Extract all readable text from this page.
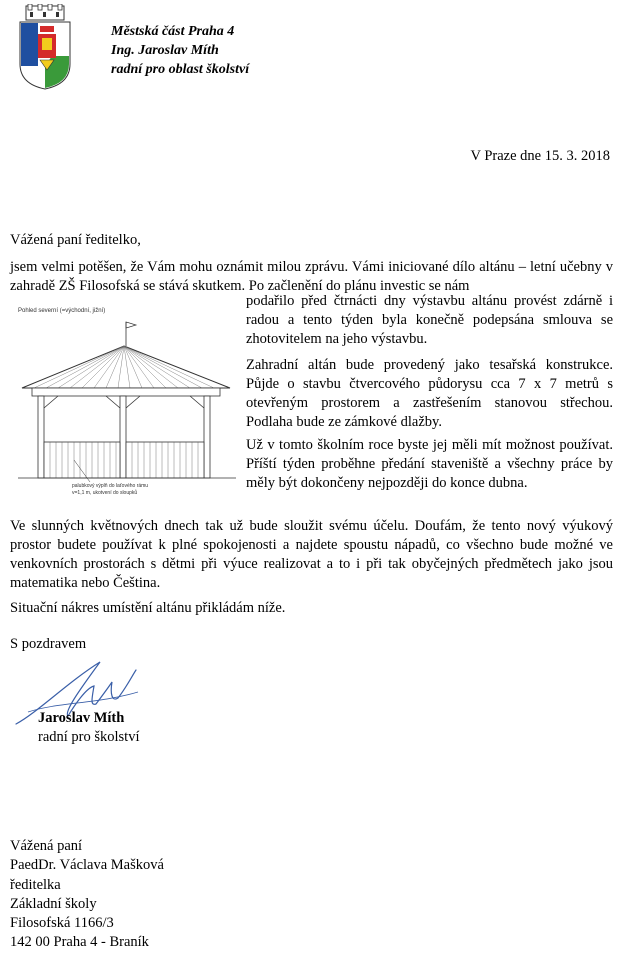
Městská část Praha 4
Ing. Jaroslav Míth
radní pro oblast školství
V Praze dne 15. 3. 2018
Vážená paní ředitelko,
jsem velmi potěšen, že Vám mohu oznámit milou zprávu. Vámi iniciované dílo altánu – letní učebny v zahradě ZŠ Filosofská se stává skutkem. Po začlenění do plánu investic se nám
Pohled severní (=východní, jižní)
palubkový výplň do laťového rámu
v=1,1 m, ukotvení do sloupků
podařilo před čtrnácti dny výstavbu altánu provést zdárně i radou a tento týden byla konečně podepsána smlouva se zhotovitelem na jeho výstavbu.
Zahradní altán bude provedený jako tesařská konstrukce. Půjde o stavbu čtvercového půdorysu cca 7 x 7 metrů s otevřeným prostorem a zastřešením stanovou střechou. Podlaha bude ze zámkové dlažby.
Už v tomto školním roce byste jej měli mít možnost používat. Příští týden proběhne předání staveniště a všechny práce by měly být dokončeny nejpozději do konce dubna.
Ve slunných květnových dnech tak už bude sloužit svému účelu. Doufám, že tento nový výukový prostor budete používat k plné spokojenosti a najdete spoustu nápadů, co všechno bude možné ve venkovních prostorách s dětmi při výuce realizovat a to i při tak obyčejných předmětech jako jsou matematika nebo Čeština.
Situační nákres umístění altánu přikládám níže.
S pozdravem
Jaroslav Míth
radní pro školství
Vážená paní
PaedDr. Václava Mašková
ředitelka
Základní školy
Filosofská 1166/3
142 00 Praha 4 - Braník
